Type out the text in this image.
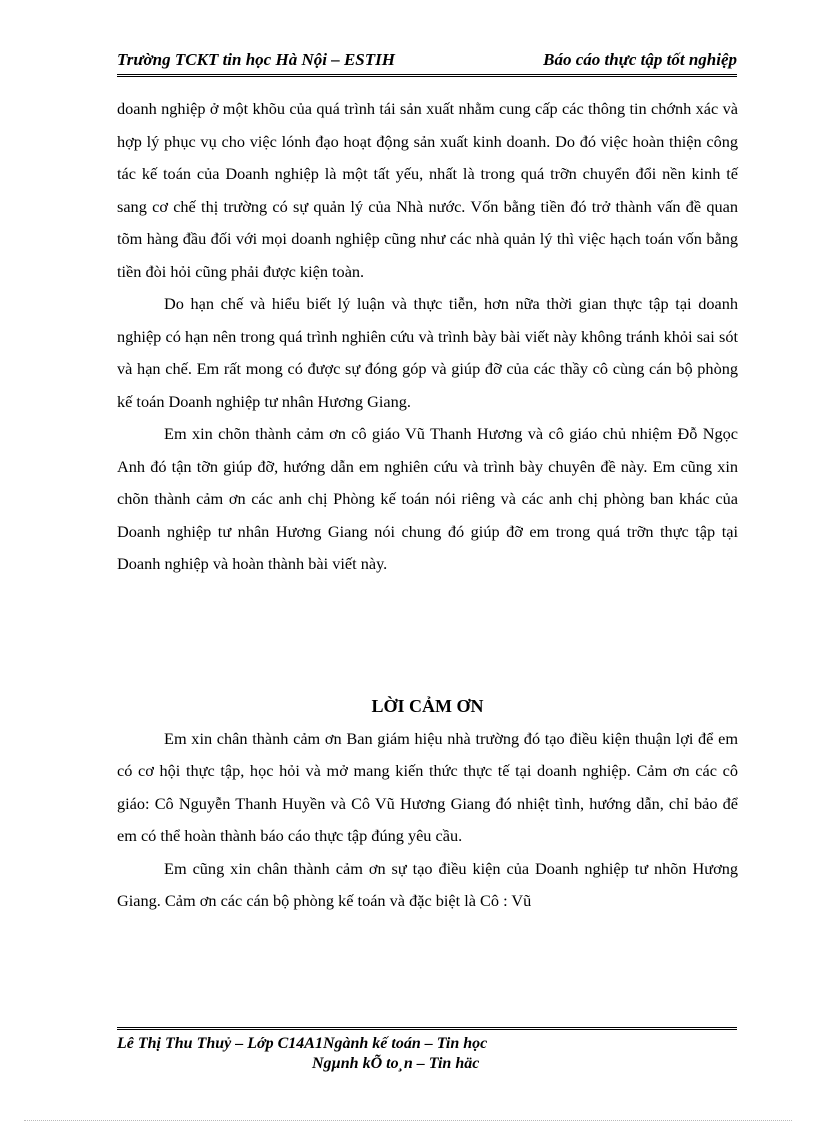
Trường TCKT tin học Hà Nội – ESTIH	Báo cáo thực tập tốt nghiệp

doanh nghiệp ở một khõu của quá trình tái sản xuất nhằm cung cấp các thông tin chớnh xác và hợp lý phục vụ cho việc lónh đạo hoạt động sản xuất kinh doanh. Do đó việc hoàn thiện công tác kế toán của Doanh nghiệp là một tất yếu, nhất là trong quá trỡn chuyển đổi nền kinh tế sang cơ chế thị trường có sự quản lý của Nhà nước. Vốn bằng tiền đó trở thành vấn đề quan tõm hàng đầu đối với mọi doanh nghiệp cũng như các nhà quản lý thì việc hạch toán vốn bằng tiền đòi hỏi cũng phải được kiện toàn.

Do hạn chế và hiểu biết lý luận và thực tiễn, hơn nữa thời gian thực tập tại doanh nghiệp có hạn nên trong quá trình nghiên cứu và trình bày bài viết này không tránh khỏi sai sót và hạn chế. Em rất mong có được sự đóng góp và giúp đỡ của các thầy cô cùng cán bộ phòng kế toán Doanh nghiệp tư nhân Hương Giang.

Em xin chõn thành cảm ơn cô giáo Vũ Thanh Hương và cô giáo chủ nhiệm Đỗ Ngọc Anh đó tận tỡn giúp đỡ, hướng dẫn em nghiên cứu và trình bày chuyên đề này. Em cũng xin chõn thành cảm ơn các anh chị Phòng kế toán nói riêng và các anh chị phòng ban khác của Doanh nghiệp tư nhân Hương Giang nói chung đó giúp đỡ em trong quá trỡn thực tập tại Doanh nghiệp và hoàn thành bài viết này.

LỜI CẢM ƠN

Em xin chân thành cảm ơn Ban giám hiệu nhà trường đó tạo điều kiện thuận lợi để em có cơ hội thực tập, học hỏi và mở mang kiến thức thực tế tại doanh nghiệp. Cảm ơn các cô giáo: Cô Nguyễn Thanh Huyền và Cô Vũ Hương Giang đó nhiệt tình, hướng dẫn, chỉ bảo để em có thể hoàn thành báo cáo thực tập đúng yêu cầu.

Em cũng xin chân thành cảm ơn sự tạo điều kiện của Doanh nghiệp tư nhõn Hương Giang. Cảm ơn các cán bộ phòng kế toán và đặc biệt là Cô : Vũ

Lê Thị Thu Thuỷ – Lớp C14A1Ngành kế toán – Tin học
Ngµnh kÕ to¸n – Tin häc
